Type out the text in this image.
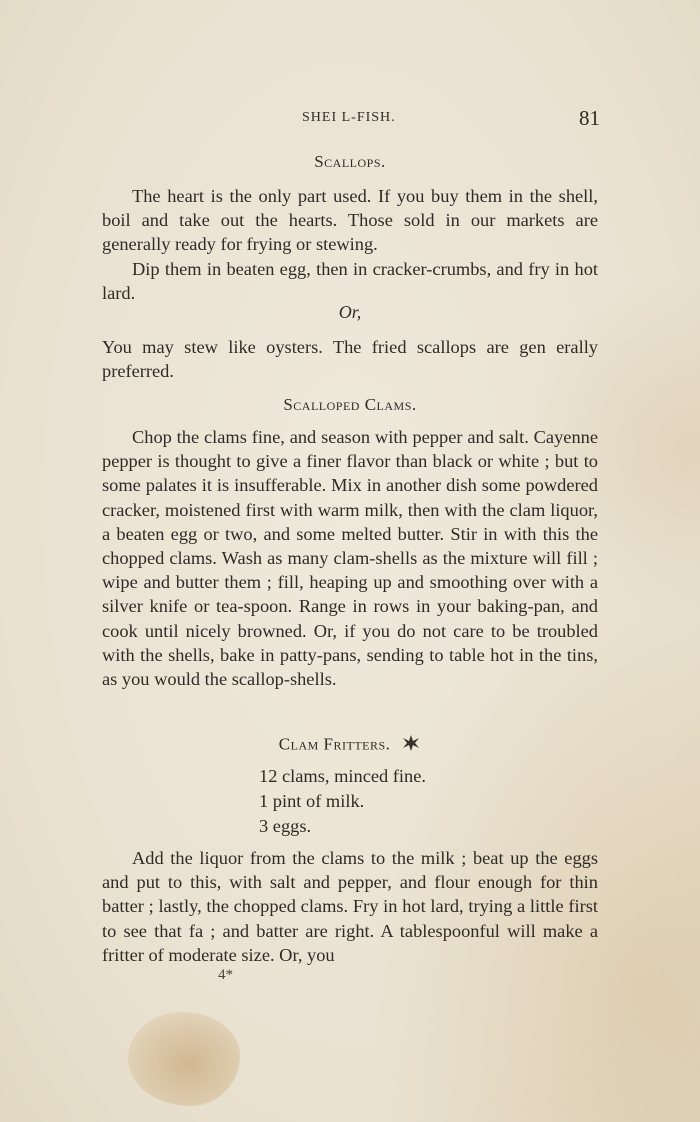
SHEI L-FISH.	81
Scallops.

The heart is the only part used. If you buy them in the shell, boil and take out the hearts. Those sold in our markets are generally ready for frying or stewing.

Dip them in beaten egg, then in cracker-crumbs, and fry in hot lard.

Or,

You may stew like oysters. The fried scallops are gen erally preferred.

Scalloped Clams.

Chop the clams fine, and season with pepper and salt. Cayenne pepper is thought to give a finer flavor than black or white ; but to some palates it is insufferable. Mix in another dish some powdered cracker, moistened first with warm milk, then with the clam liquor, a beaten egg or two, and some melted butter. Stir in with this the chopped clams. Wash as many clam-shells as the mixture will fill ; wipe and butter them ; fill, heaping up and smoothing over with a silver knife or tea-spoon. Range in rows in your baking-pan, and cook until nicely browned. Or, if you do not care to be troubled with the shells, bake in patty-pans, sending to table hot in the tins, as you would the scallop-shells.

Clam Fritters.
12 clams, minced fine.
1 pint of milk.
3 eggs.

Add the liquor from the clams to the milk ; beat up the eggs and put to this, with salt and pepper, and flour enough for thin batter ; lastly, the chopped clams. Fry in hot lard, trying a little first to see that fa ; and batter are right. A tablespoonful will make a fritter of moderate size. Or, you

4*
